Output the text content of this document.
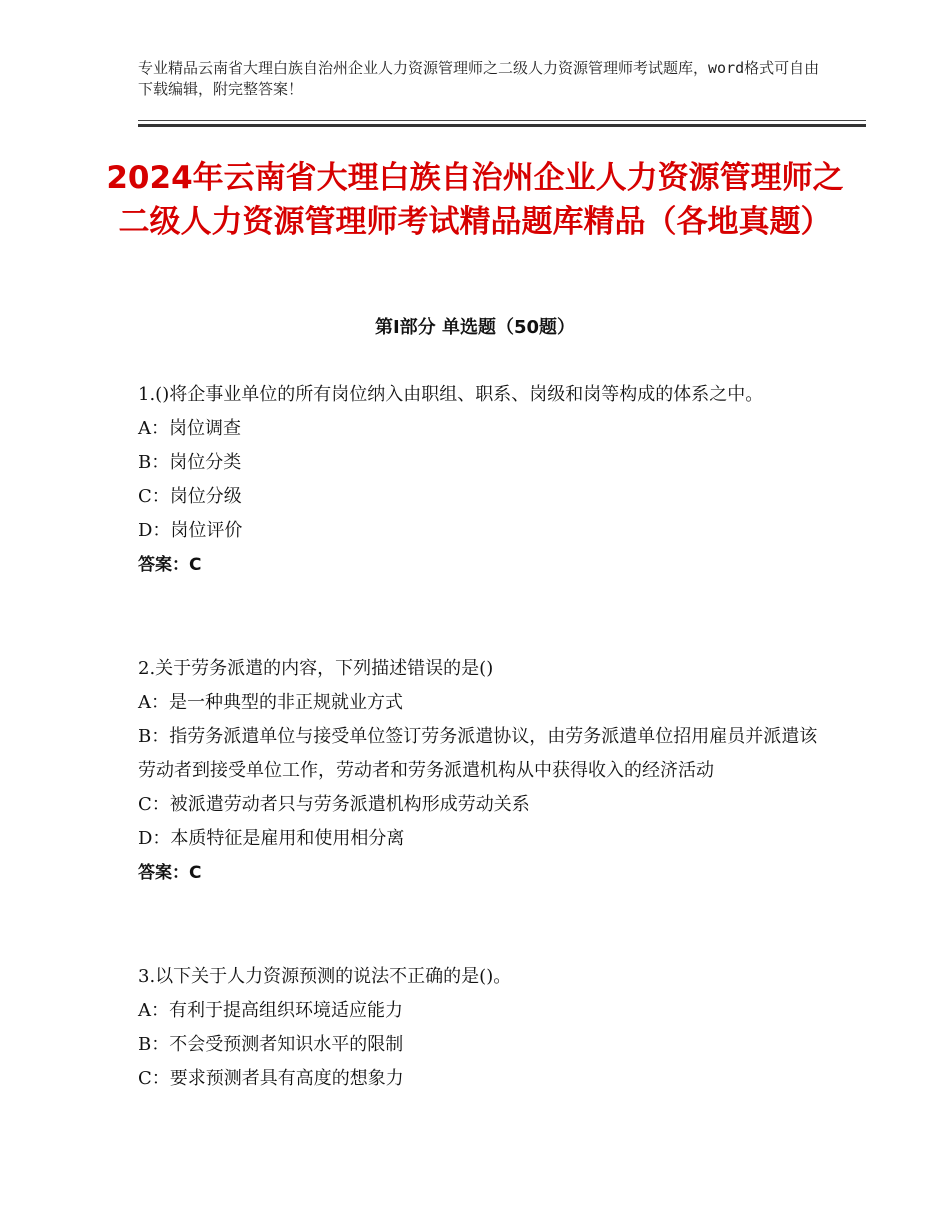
专业精品云南省大理白族自治州企业人力资源管理师之二级人力资源管理师考试题库，word格式可自由下载编辑，附完整答案！
2024年云南省大理白族自治州企业人力资源管理师之二级人力资源管理师考试精品题库精品（各地真题）
第Ⅰ部分 单选题（50题）
1.()将企事业单位的所有岗位纳入由职组、职系、岗级和岗等构成的体系之中。
A：岗位调查
B：岗位分类
C：岗位分级
D：岗位评价
答案：C
2.关于劳务派遣的内容，下列描述错误的是()
A：是一种典型的非正规就业方式
B：指劳务派遣单位与接受单位签订劳务派遣协议，由劳务派遣单位招用雇员并派遣该劳动者到接受单位工作，劳动者和劳务派遣机构从中获得收入的经济活动
C：被派遣劳动者只与劳务派遣机构形成劳动关系
D：本质特征是雇用和使用相分离
答案：C
3.以下关于人力资源预测的说法不正确的是()。
A：有利于提高组织环境适应能力
B：不会受预测者知识水平的限制
C：要求预测者具有高度的想象力
